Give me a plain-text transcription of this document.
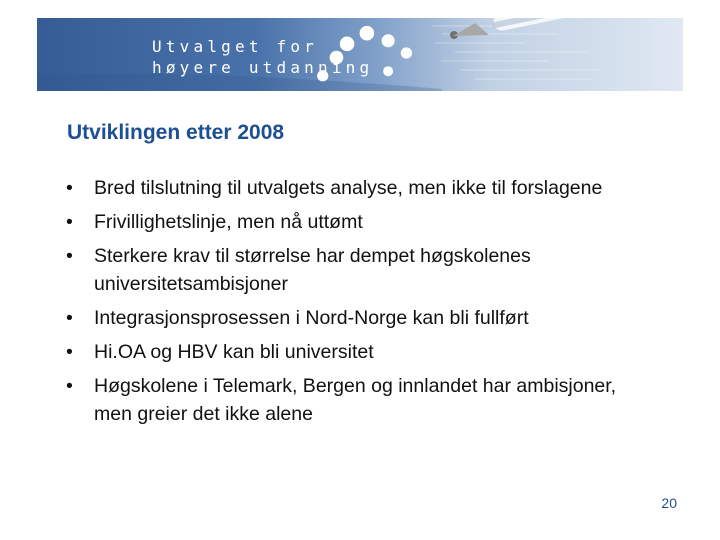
Utvalget for
høyere utdanning
Utviklingen etter 2008
• Bred tilslutning til utvalgets analyse, men ikke til forslagene
• Frivillighetslinje, men nå uttømt
• Sterkere krav til størrelse har dempet høgskolenes universitetsambisjoner
• Integrasjonsprosessen i Nord-Norge kan bli fullført
• Hi.OA og HBV kan bli universitet
• Høgskolene i Telemark, Bergen og innlandet har ambisjoner, men greier det ikke alene
20
